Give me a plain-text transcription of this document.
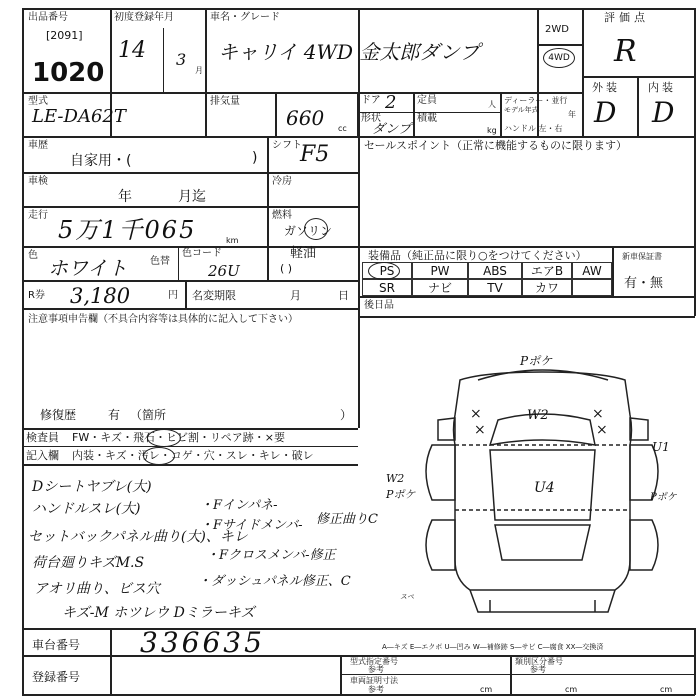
出品番号
[2091]
1020
初度登録年月
14 3
月
車名・グレード
キャリイ 4WD 金太郎ダンプ
2WD
4WD
評価点
R
型式
LE-DA62T
排気量
660 cc
ドア 2
形状
ダンプ
定員	人
積載
kg
ディーラー・並行
モデル年式	年
ハンドル 左・右
外装
D
内装
D
車歴
自家用・(	)
シフト
F5
車検
年	月迄
冷房
走行
5万1千065	km
燃料
ガソリン
軽油
( )
色
ホワイト 色替
色コード
26U
R券 3,180	円 名変期限	月	日
注意事項申告欄（不具合内容等は具体的に記入して下さい）
修復歴	有 （箇所	）
セールスポイント（正常に機能するものに限ります）
装備品（純正品に限り○をつけてください）	新車保証書
有・無
PS	PW	ABS	エアB	AW
SR	ナビ	TV	カワ
後日品
検査員 FW・キズ・飛石・ヒビ割・リペア跡・×要
記入欄 内装・キズ・汚レ・コゲ・穴・スレ・キレ・破レ
Dシートヤブレ(大)
ハンドルスレ(大)
セットバックパネル曲り(大)、キレ
荷台廻りキズM.S
アオリ曲り、ビス穴
キズ-M ホツレウ Dミラーキズ
・Fインパネ-
・Fサイドメンバ- 修正曲りC
・Fクロスメンバ-修正
・ダッシュパネル修正、C
Pポケ
W2
U4
W2
Pポケ
U1
Pポケ
スペ
×
×
×
×
A―キズ E―エクボ U―凹み W―補修跡 S―サビ C―腐食 XX―交換済
車台番号 336635
登録番号
型式指定番号
参考
類別区分番号
参考
車両証明寸法
参考	cm	cm	cm
